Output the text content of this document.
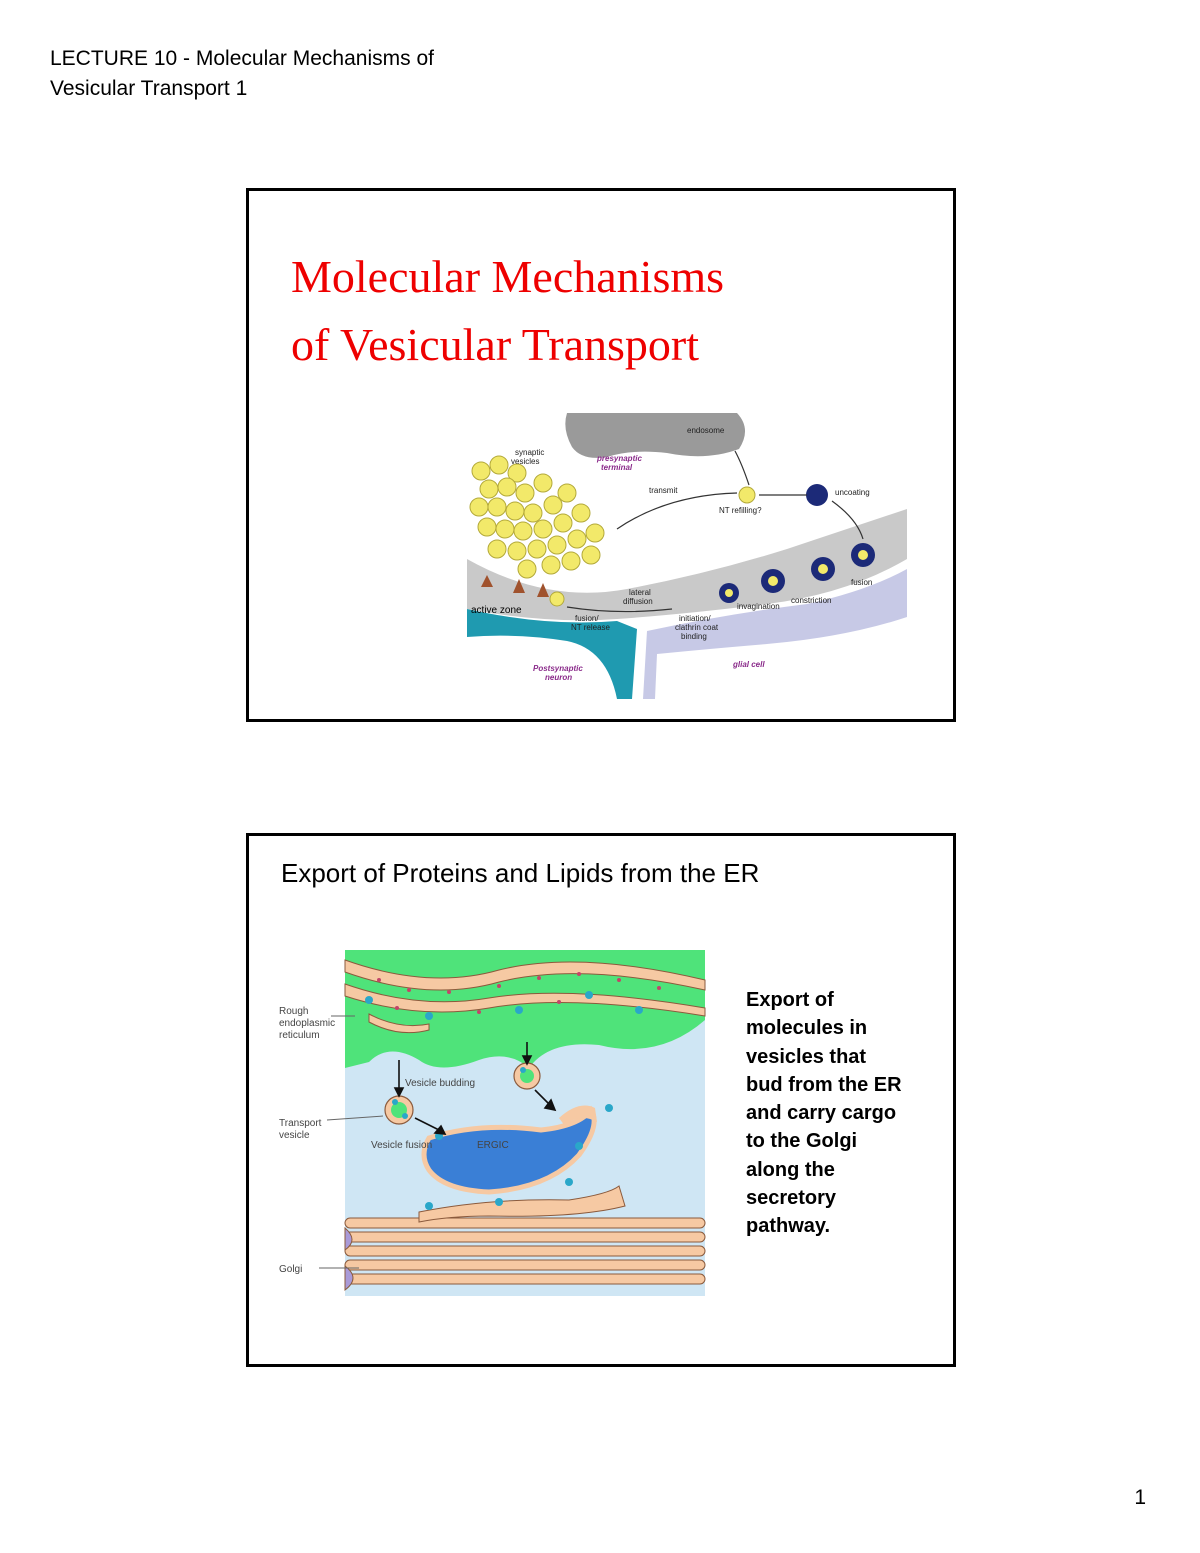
LECTURE 10 - Molecular Mechanisms of
Vesicular Transport 1
Molecular Mechanisms
of Vesicular Transport
endosome
synaptic
vesicles
transmit
NT refilling?
uncoating
fusion
constriction
invagination
lateral
diffusion
fusion/
NT release
initiation/
clathrin coat
binding
active zone
presynaptic
terminal
Postsynaptic
neuron
glial cell
Export of Proteins and Lipids from the ER
Rough
endoplasmic
reticulum
Transport
vesicle
Golgi
Vesicle budding
Vesicle fusion	ERGIC
Export of
molecules in
vesicles that
bud from the ER
and carry cargo
to the Golgi
along the
secretory
pathway.
1
